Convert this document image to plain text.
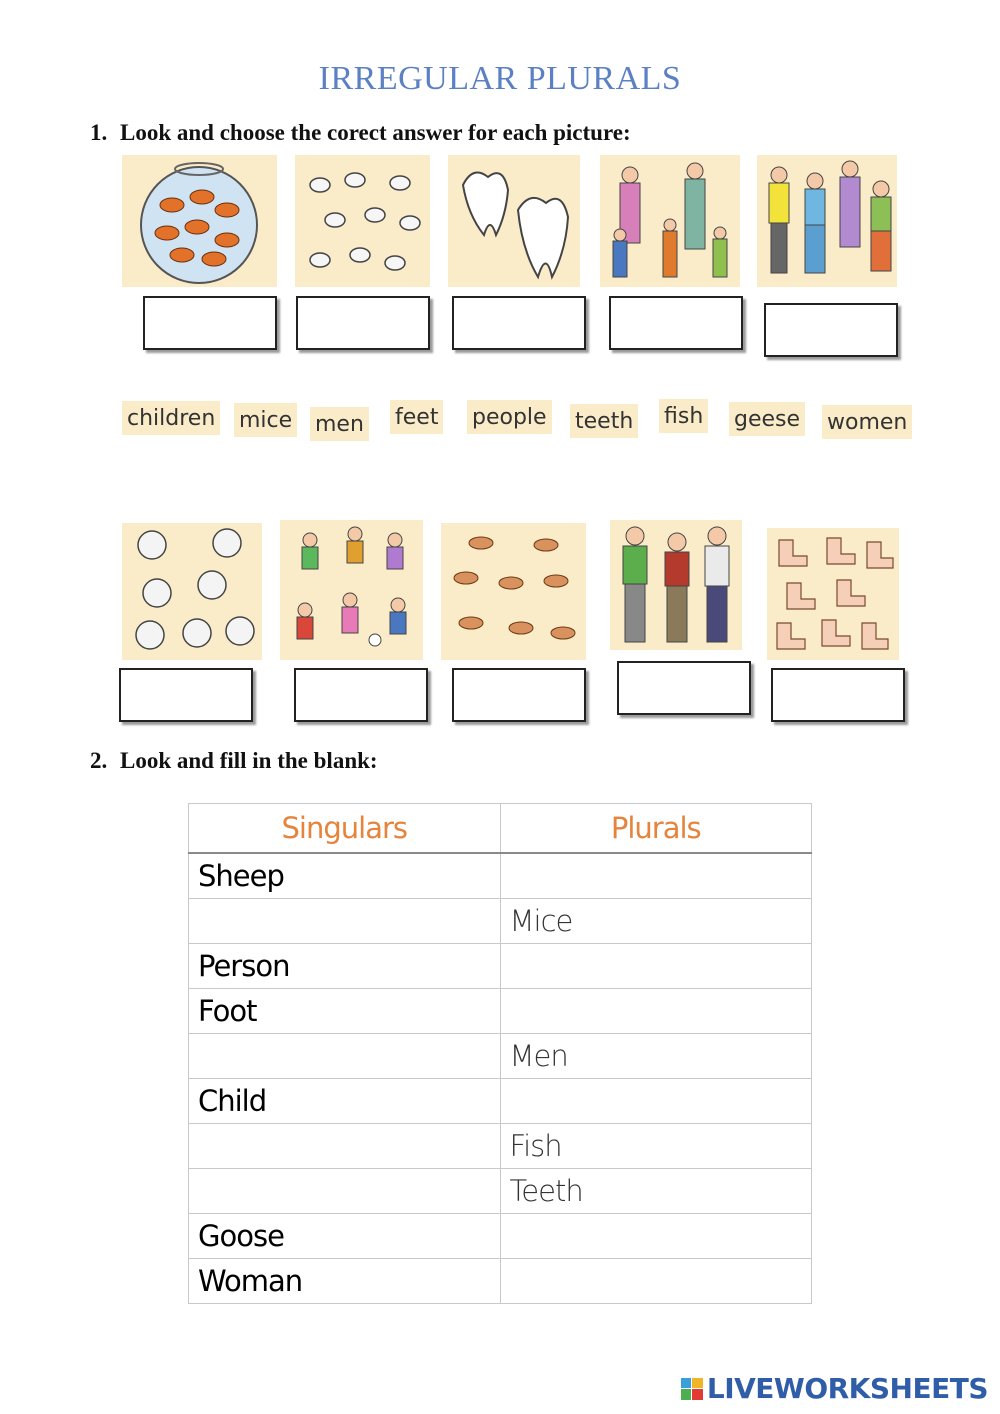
IRREGULAR PLURALS
1. Look and choose the corect answer for each picture:
children mice men feet people teeth fish geese women
2. Look and fill in the blank:
Singulars	Plurals
Sheep	
	Mice
Person	
Foot	
	Men
Child	
	Fish
	Teeth
Goose	
Woman	
LIVEWORKSHEETS
